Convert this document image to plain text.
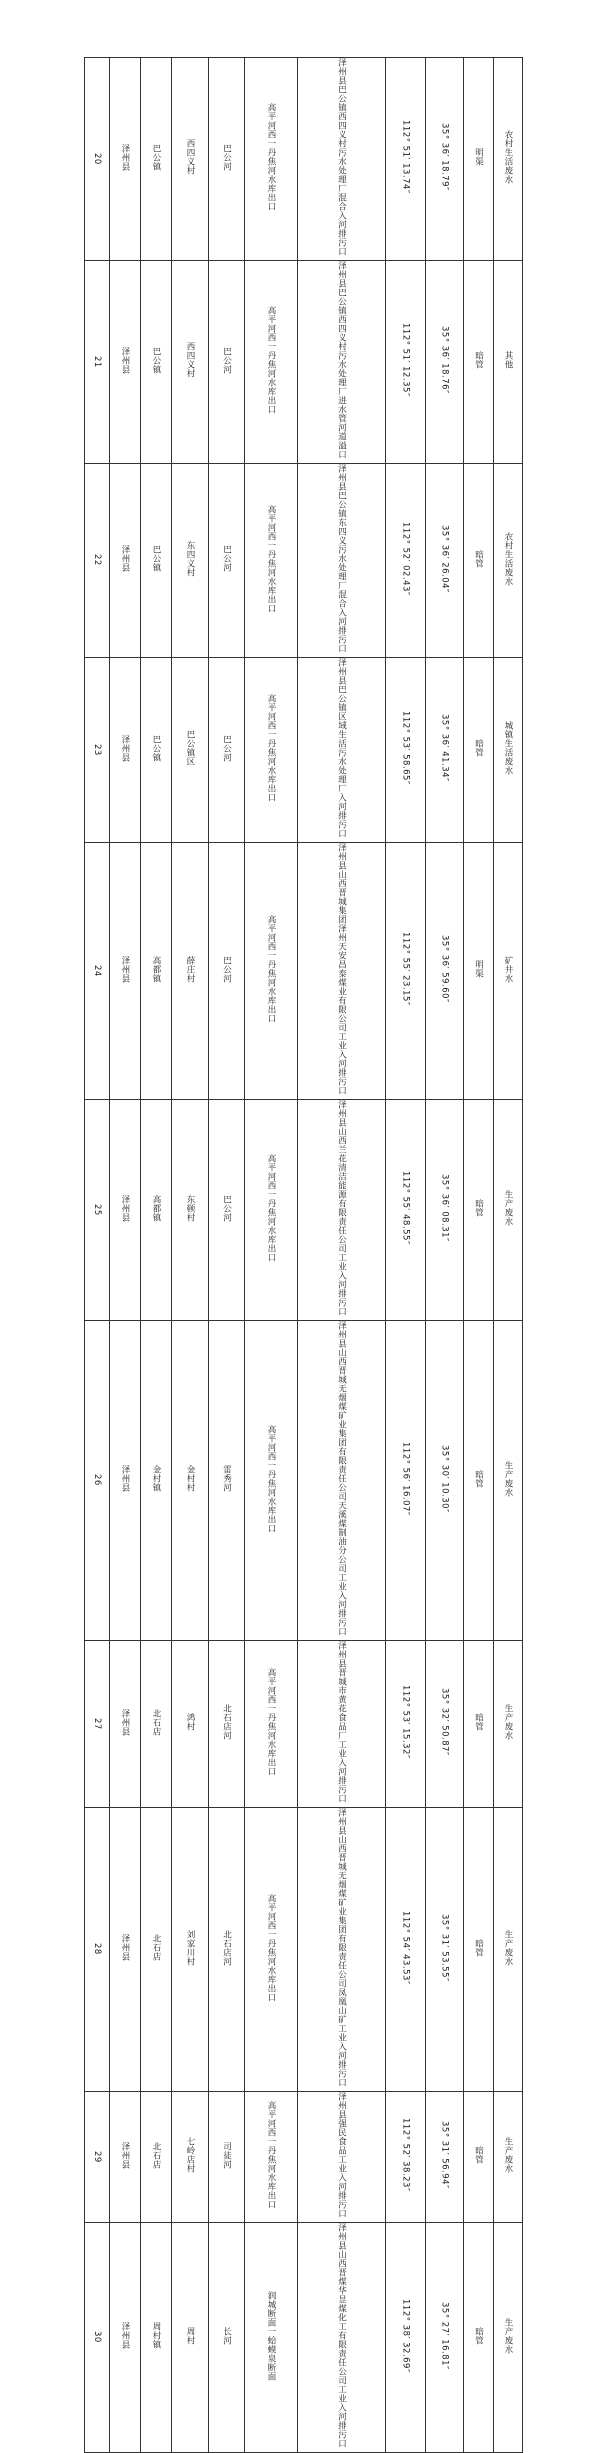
20	泽州县	巴公镇	西四义村	巴公河	高平河西一丹焦河水库出口	泽州县巴公镇西四义村污水处理厂混合入河排污口	112° 51′ 13.74″	35° 36′ 18.79″	明渠	农村生活废水
21	泽州县	巴公镇	西四义村	巴公河	高平河西一丹焦河水库出口	泽州县巴公镇西四义村污水处理厂进水管河道溢口	112° 51′ 12.35″	35° 36′ 18.76″	暗管	其他
22	泽州县	巴公镇	东四义村	巴公河	高平河西一丹焦河水库出口	泽州县巴公镇东四义污水处理厂混合入河排污口	112° 52′ 02.43″	35° 36′ 26.04″	暗管	农村生活废水
23	泽州县	巴公镇	巴公镇区	巴公河	高平河西一丹焦河水库出口	泽州县巴公镇区域生活污水处理厂入河排污口	112° 53′ 58.65″	35° 36′ 41.34″	暗管	城镇生活废水
24	泽州县	高都镇	薛庄村	巴公河	高平河西一丹焦河水库出口	泽州县山西晋城集团泽州天安昌泰煤业有限公司工业入河排污口	112° 55′ 23.15″	35° 36′ 59.60″	明渠	矿井水
25	泽州县	高都镇	东顿村	巴公河	高平河西一丹焦河水库出口	泽州县山西兰花清洁能源有限责任公司工业入河排污口	112° 55′ 48.55″	35° 36′ 08.31″	暗管	生产废水
26	泽州县	金村镇	金村村	雷秀河	高平河西一丹焦河水库出口	泽州县山西晋城无烟煤矿业集团有限责任公司天溪煤制油分公司工业入河排污口	112° 56′ 16.07″	35° 30′ 10.30″	暗管	生产废水
27	泽州县	北石店	鸿村	北石店河	高平河西一丹焦河水库出口	泽州县晋城市黄花食品厂工业入河排污口	112° 53′ 15.32″	35° 32′ 50.87″	暗管	生产废水
28	泽州县	北石店	刘家川村	北石店河	高平河西一丹焦河水库出口	泽州县山西晋城无烟煤矿业集团有限责任公司凤凰山矿工业入河排污口	112° 54′ 43.53″	35° 31′ 53.55″	暗管	生产废水
29	泽州县	北石店	七岭店村	司徒河	高平河西一丹焦河水库出口	泽州县强民食品工业入河排污口	112° 52′ 38.23″	35° 31′ 56.94″	暗管	生产废水
30	泽州县	周村镇	周村	长河	润城断面一蛤蟆泉断面	泽州县山西晋煤华昱煤化工有限责任公司工业入河排污口	112° 38′ 32.69″	35° 27′ 16.81″	暗管	生产废水
